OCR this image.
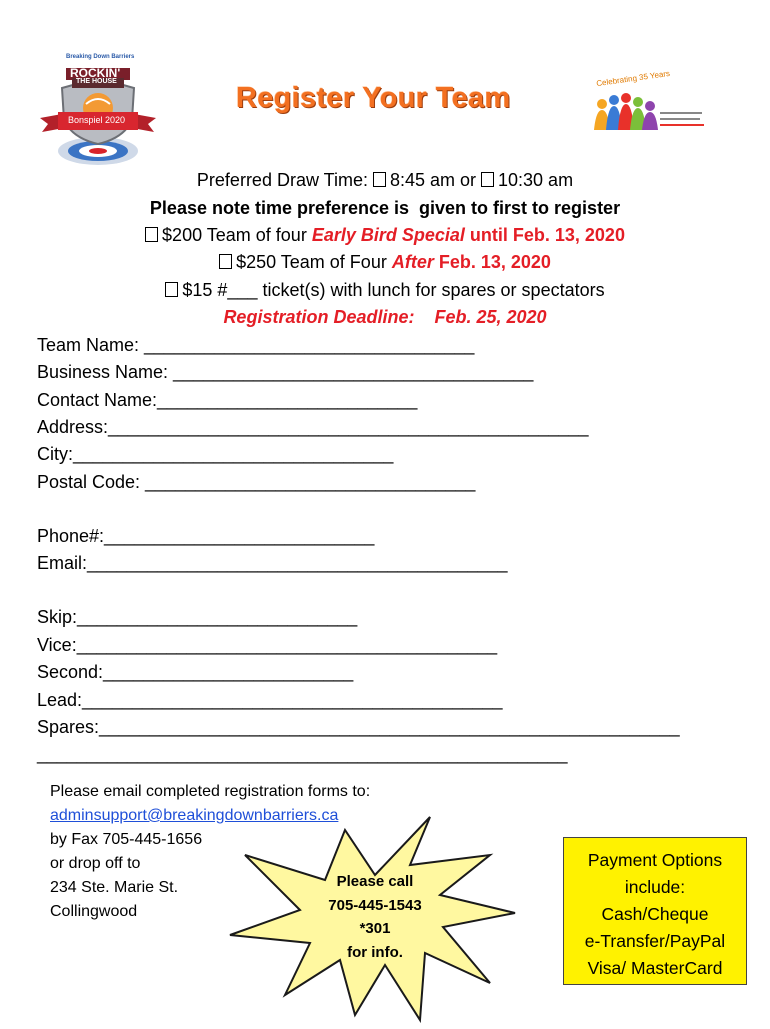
Breaking Down Barriers
ROCKIN'
THE HOUSE
Bonspiel 2020
Register Your Team
Celebrating 35 Years
Preferred Draw Time: 8:45 am or 10:30 am
Please note time preference is  given to first to register
$200 Team of four Early Bird Special until Feb. 13, 2020
$250 Team of Four After Feb. 13, 2020
$15 #___ ticket(s) with lunch for spares or spectators
Registration Deadline:    Feb. 25, 2020
Team Name: _________________________________
Business Name: ____________________________________
Contact Name:__________________________
Address:________________________________________________
City:________________________________
Postal Code: _________________________________
Phone#:___________________________
Email:__________________________________________
Skip:____________________________
Vice:__________________________________________
Second:_________________________
Lead:__________________________________________
Spares:__________________________________________________________
_____________________________________________________
Please email completed registration forms to:
adminsupport@breakingdownbarriers.ca
by Fax 705-445-1656
or drop off to
234 Ste. Marie St.
Collingwood
Please call
705-445-1543
*301
for info.
Payment Options
include:
Cash/Cheque
e-Transfer/PayPal
Visa/ MasterCard
